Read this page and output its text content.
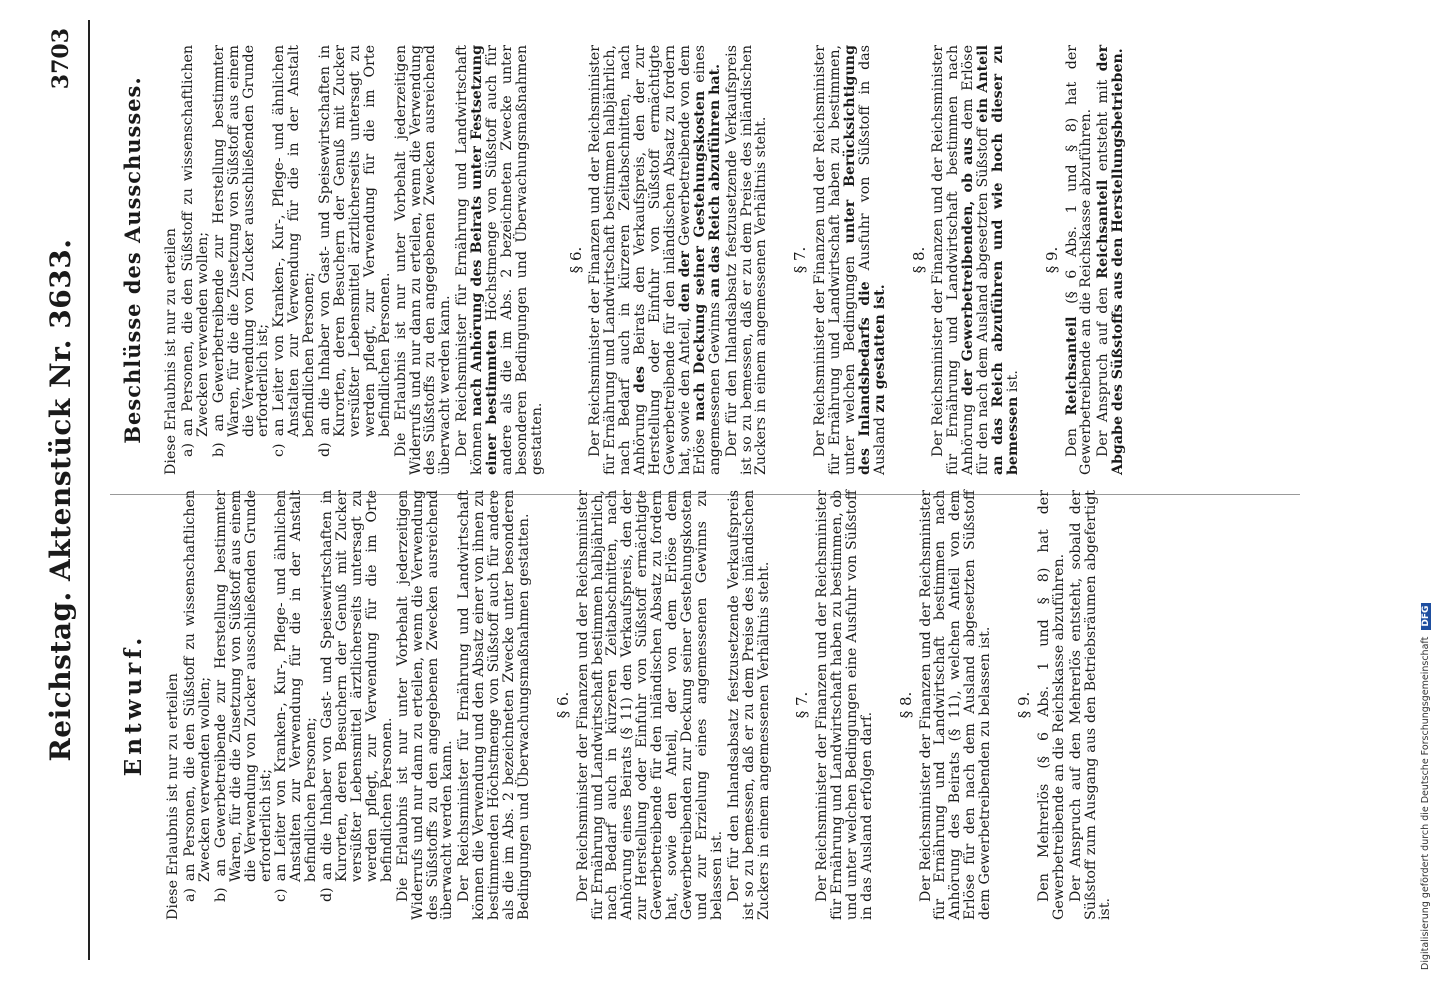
Reichstag. Aktenstück Nr. 3633.
3703
Entwurf. Diese Erlaubnis ist nur zu erteilen a) an Personen, die den Süßstoff zu wissenschaftlichen Zwecken verwenden wollen; b) an Gewerbetreibende zur Herstellung bestimmter Waren, für die die Zusetzung von Süßstoff aus einem die Verwendung von Zucker ausschließenden Grunde erforderlich ist; c) an Leiter von Kranken-, Kur-, Pflege- und ähnlichen Anstalten zur Verwendung für die in der Anstalt befindlichen Personen; d) an die Inhaber von Gast- und Speisewirtschaften in Kurorten, deren Besuchern der Genuß mit Zucker versüßter Lebensmittel ärztlicherseits untersagt zu werden pflegt, zur Verwendung für die im Orte befindlichen Personen. Die Erlaubnis ist nur unter Vorbehalt jederzeitigen Widerrufs und nur dann zu erteilen, wenn die Verwendung des Süßstoffs zu den angegebenen Zwecken ausreichend überwacht werden kann. Der Reichsminister für Ernährung und Landwirtschaft können die Verwendung und den Absatz einer von ihnen zu bestimmenden Höchstmenge von Süßstoff auch für andere als die im Abs. 2 bezeichneten Zwecke unter besonderen Bedingungen und Überwachungsmaßnahmen gestatten. § 6. Der Reichsminister der Finanzen und der Reichsminister für Ernährung und Landwirtschaft bestimmen halbjährlich, nach Bedarf auch in kürzeren Zeitabschnitten, nach Anhörung eines Beirats (§ 11) den Verkaufspreis, den der zur Herstellung oder Einfuhr von Süßstoff ermächtigte Gewerbetreibende für den inländischen Absatz zu fordern hat, sowie den Anteil, der von dem Erlöse dem Gewerbetreibenden zur Deckung seiner Gestehungskosten und zur Erzielung eines angemessenen Gewinns zu belassen ist. Der für den Inlandsabsatz festzusetzende Verkaufspreis ist so zu bemessen, daß er zu dem Preise des inländischen Zuckers in einem angemessenen Verhältnis steht. § 7. Der Reichsminister der Finanzen und der Reichsminister für Ernährung und Landwirtschaft haben zu bestimmen, ob und unter welchen Bedingungen eine Ausfuhr von Süßstoff in das Ausland erfolgen darf.

§ 8. Der Reichsminister der Finanzen und der Reichsminister für Ernährung und Landwirtschaft bestimmen nach Anhörung des Beirats (§ 11), welchen Anteil von dem Erlöse für den nach dem Ausland abgesetzten Süßstoff dem Gewerbetreibenden zu belassen ist. § 9. Den Mehrerlös (§ 6 Abs. 1 und § 8) hat der Gewerbetreibende an die Reichskasse abzuführen. Der Anspruch auf den Mehrerlös entsteht, sobald der Süßstoff zum Ausgang aus den Betriebsräumen abgefertigt ist.

Beschlüsse des Ausschusses. Diese Erlaubnis ist nur zu erteilen a) an Personen, die den Süßstoff zu wissenschaftlichen Zwecken verwenden wollen; b) an Gewerbetreibende zur Herstellung bestimmter Waren, für die die Zusetzung von Süßstoff aus einem die Verwendung von Zucker ausschließenden Grunde erforderlich ist; c) an Leiter von Kranken-, Kur-, Pflege- und ähnlichen Anstalten zur Verwendung für die in der Anstalt befindlichen Personen; d) an die Inhaber von Gast- und Speisewirtschaften in Kurorten, deren Besuchern der Genuß mit Zucker versüßter Lebensmittel ärztlicherseits untersagt zu werden pflegt, zur Verwendung für die im Orte befindlichen Personen. Die Erlaubnis ist nur unter Vorbehalt jederzeitigen Widerrufs und nur dann zu erteilen, wenn die Verwendung des Süßstoffs zu den angegebenen Zwecken ausreichend überwacht werden kann. Der Reichsminister für Ernährung und Landwirtschaft können nach Anhörung des Beirats unter Festsetzung einer bestimmten Höchstmenge von Süßstoff auch für andere als die im Abs. 2 bezeichneten Zwecke unter besonderen Bedingungen und Überwachungsmaßnahmen gestatten.

§ 6. Der Reichsminister der Finanzen und der Reichsminister für Ernährung und Landwirtschaft bestimmen halbjährlich, nach Bedarf auch in kürzeren Zeitabschnitten, nach Anhörung des Beirats den Verkaufspreis, den der zur Herstellung oder Einfuhr von Süßstoff ermächtigte Gewerbetreibende für den inländischen Absatz zu fordern hat, sowie den Anteil, den der Gewerbetreibende von dem Erlöse nach Deckung seiner Gestehungskosten eines angemessenen Gewinns an das Reich abzuführen hat. Der für den Inlandsabsatz festzusetzende Verkaufspreis ist so zu bemessen, daß er zu dem Preise des inländischen Zuckers in einem angemessenen Verhältnis steht. § 7. Der Reichsminister der Finanzen und der Reichsminister für Ernährung und Landwirtschaft haben zu bestimmen, unter welchen Bedingungen unter Berücksichtigung des Inlandsbedarfs die Ausfuhr von Süßstoff in das Ausland zu gestatten ist.

§ 8. Der Reichsminister der Finanzen und der Reichsminister für Ernährung und Landwirtschaft bestimmen nach Anhörung der Gewerbetreibenden, ob aus dem Erlöse für den nach dem Ausland abgesetzten Süßstoff ein Anteil an das Reich abzuführen und wie hoch dieser zu bemessen ist.

§ 9.

Den Reichsanteil (§ 6 Abs. 1 und § 8) hat der Gewerbetreibende an die Reichskasse abzuführen. Der Anspruch auf den Reichsanteil entsteht mit der Abgabe des Süßstoffs aus den Herstellungsbetrieben.

Digitalisierung gefördert durch die Deutsche Forschungsgemeinschaft DFG
